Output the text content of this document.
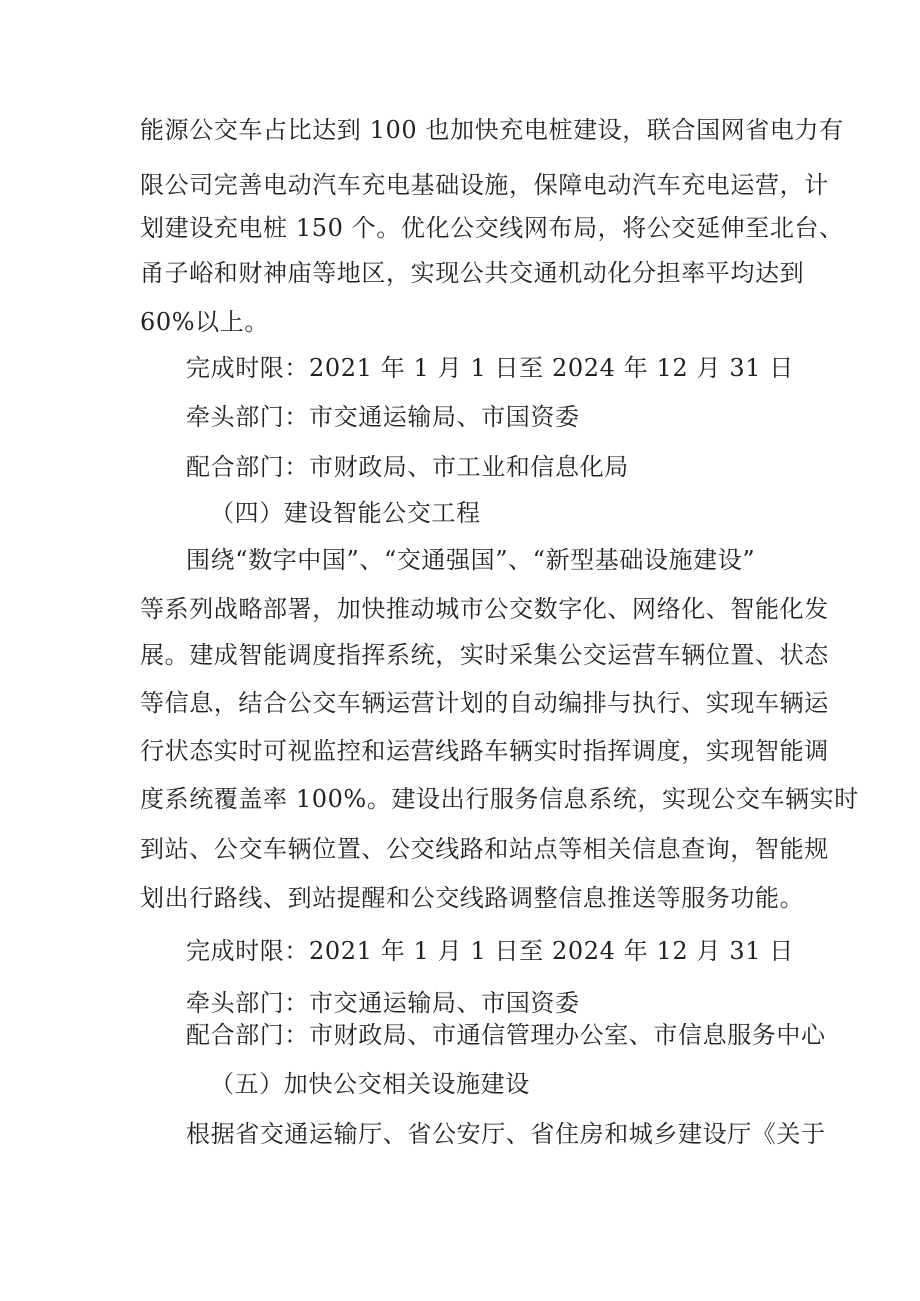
能源公交车占比达到 100 也加快充电桩建设，联合国网省电力有
限公司完善电动汽车充电基础设施，保障电动汽车充电运营，计
划建设充电桩 150 个。优化公交线网布局，将公交延伸至北台、
甬子峪和财神庙等地区，实现公共交通机动化分担率平均达到
60%以上。
完成时限：2021 年 1 月 1 日至 2024 年 12 月 31 日
牵头部门：市交通运输局、市国资委
配合部门：市财政局、市工业和信息化局
（四）建设智能公交工程
围绕“数字中国”、“交通强国”、“新型基础设施建设”
等系列战略部署，加快推动城市公交数字化、网络化、智能化发
展。建成智能调度指挥系统，实时采集公交运营车辆位置、状态
等信息，结合公交车辆运营计划的自动编排与执行、实现车辆运
行状态实时可视监控和运营线路车辆实时指挥调度，实现智能调
度系统覆盖率 100%。建设出行服务信息系统，实现公交车辆实时
到站、公交车辆位置、公交线路和站点等相关信息查询，智能规
划出行路线、到站提醒和公交线路调整信息推送等服务功能。
完成时限：2021 年 1 月 1 日至 2024 年 12 月 31 日
牵头部门：市交通运输局、市国资委
配合部门：市财政局、市通信管理办公室、市信息服务中心
（五）加快公交相关设施建设
根据省交通运输厅、省公安厅、省住房和城乡建设厅《关于
